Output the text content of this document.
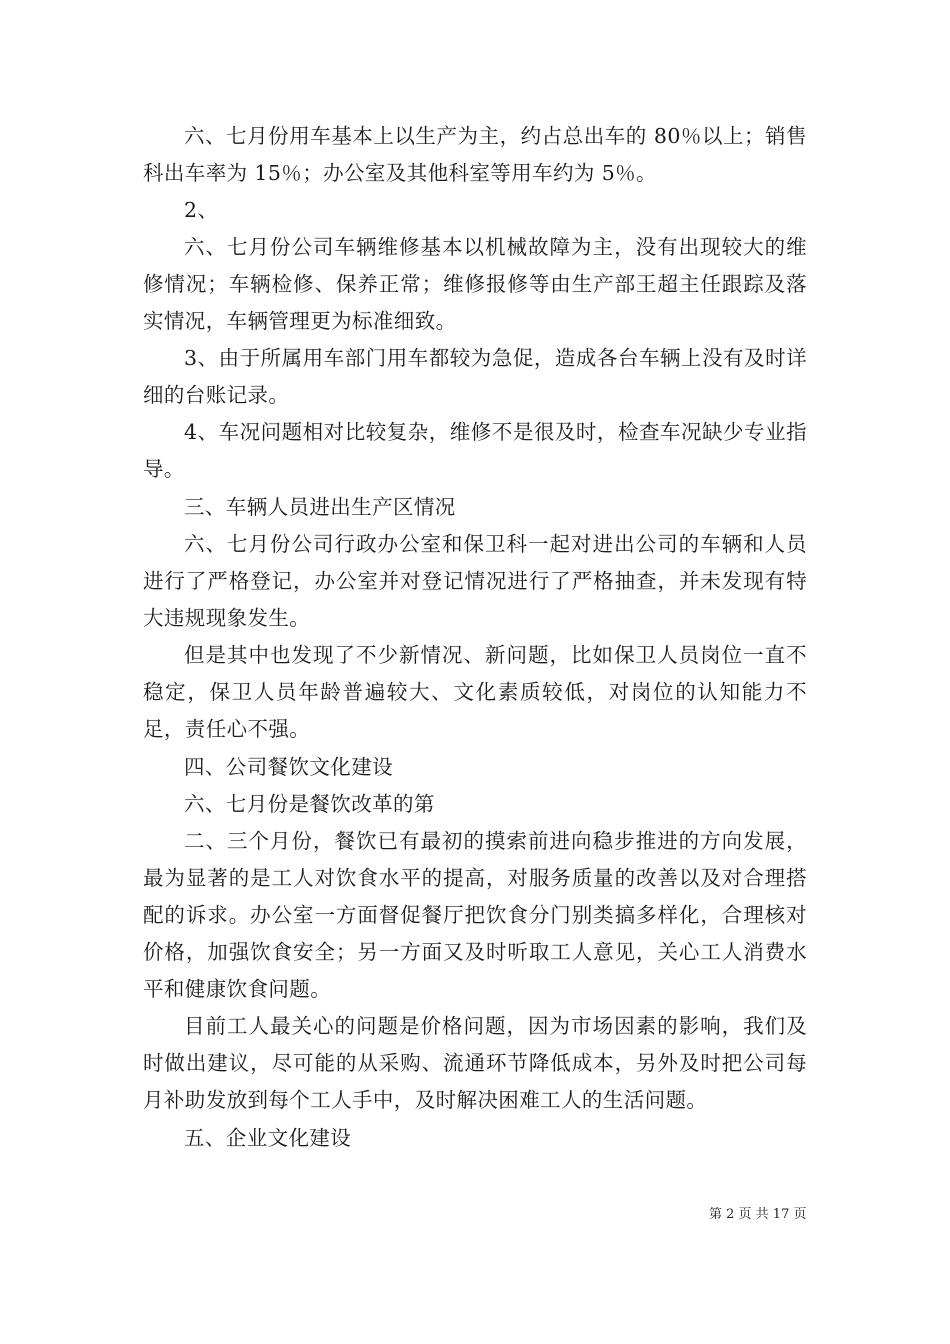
六、七月份用车基本上以生产为主，约占总出车的 80％以上；销售科出车率为 15％；办公室及其他科室等用车约为 5％。

2、

六、七月份公司车辆维修基本以机械故障为主，没有出现较大的维修情况；车辆检修、保养正常；维修报修等由生产部王超主任跟踪及落实情况，车辆管理更为标准细致。

3、由于所属用车部门用车都较为急促，造成各台车辆上没有及时详细的台账记录。

4、车况问题相对比较复杂，维修不是很及时，检查车况缺少专业指导。

三、车辆人员进出生产区情况

六、七月份公司行政办公室和保卫科一起对进出公司的车辆和人员进行了严格登记，办公室并对登记情况进行了严格抽查，并未发现有特大违规现象发生。

但是其中也发现了不少新情况、新问题，比如保卫人员岗位一直不稳定，保卫人员年龄普遍较大、文化素质较低，对岗位的认知能力不足，责任心不强。

四、公司餐饮文化建设

六、七月份是餐饮改革的第

二、三个月份，餐饮已有最初的摸索前进向稳步推进的方向发展，最为显著的是工人对饮食水平的提高，对服务质量的改善以及对合理搭配的诉求。办公室一方面督促餐厅把饮食分门别类搞多样化，合理核对价格，加强饮食安全；另一方面又及时听取工人意见，关心工人消费水平和健康饮食问题。

目前工人最关心的问题是价格问题，因为市场因素的影响，我们及时做出建议，尽可能的从采购、流通环节降低成本，另外及时把公司每月补助发放到每个工人手中，及时解决困难工人的生活问题。

五、企业文化建设

第 2 页 共 17 页
